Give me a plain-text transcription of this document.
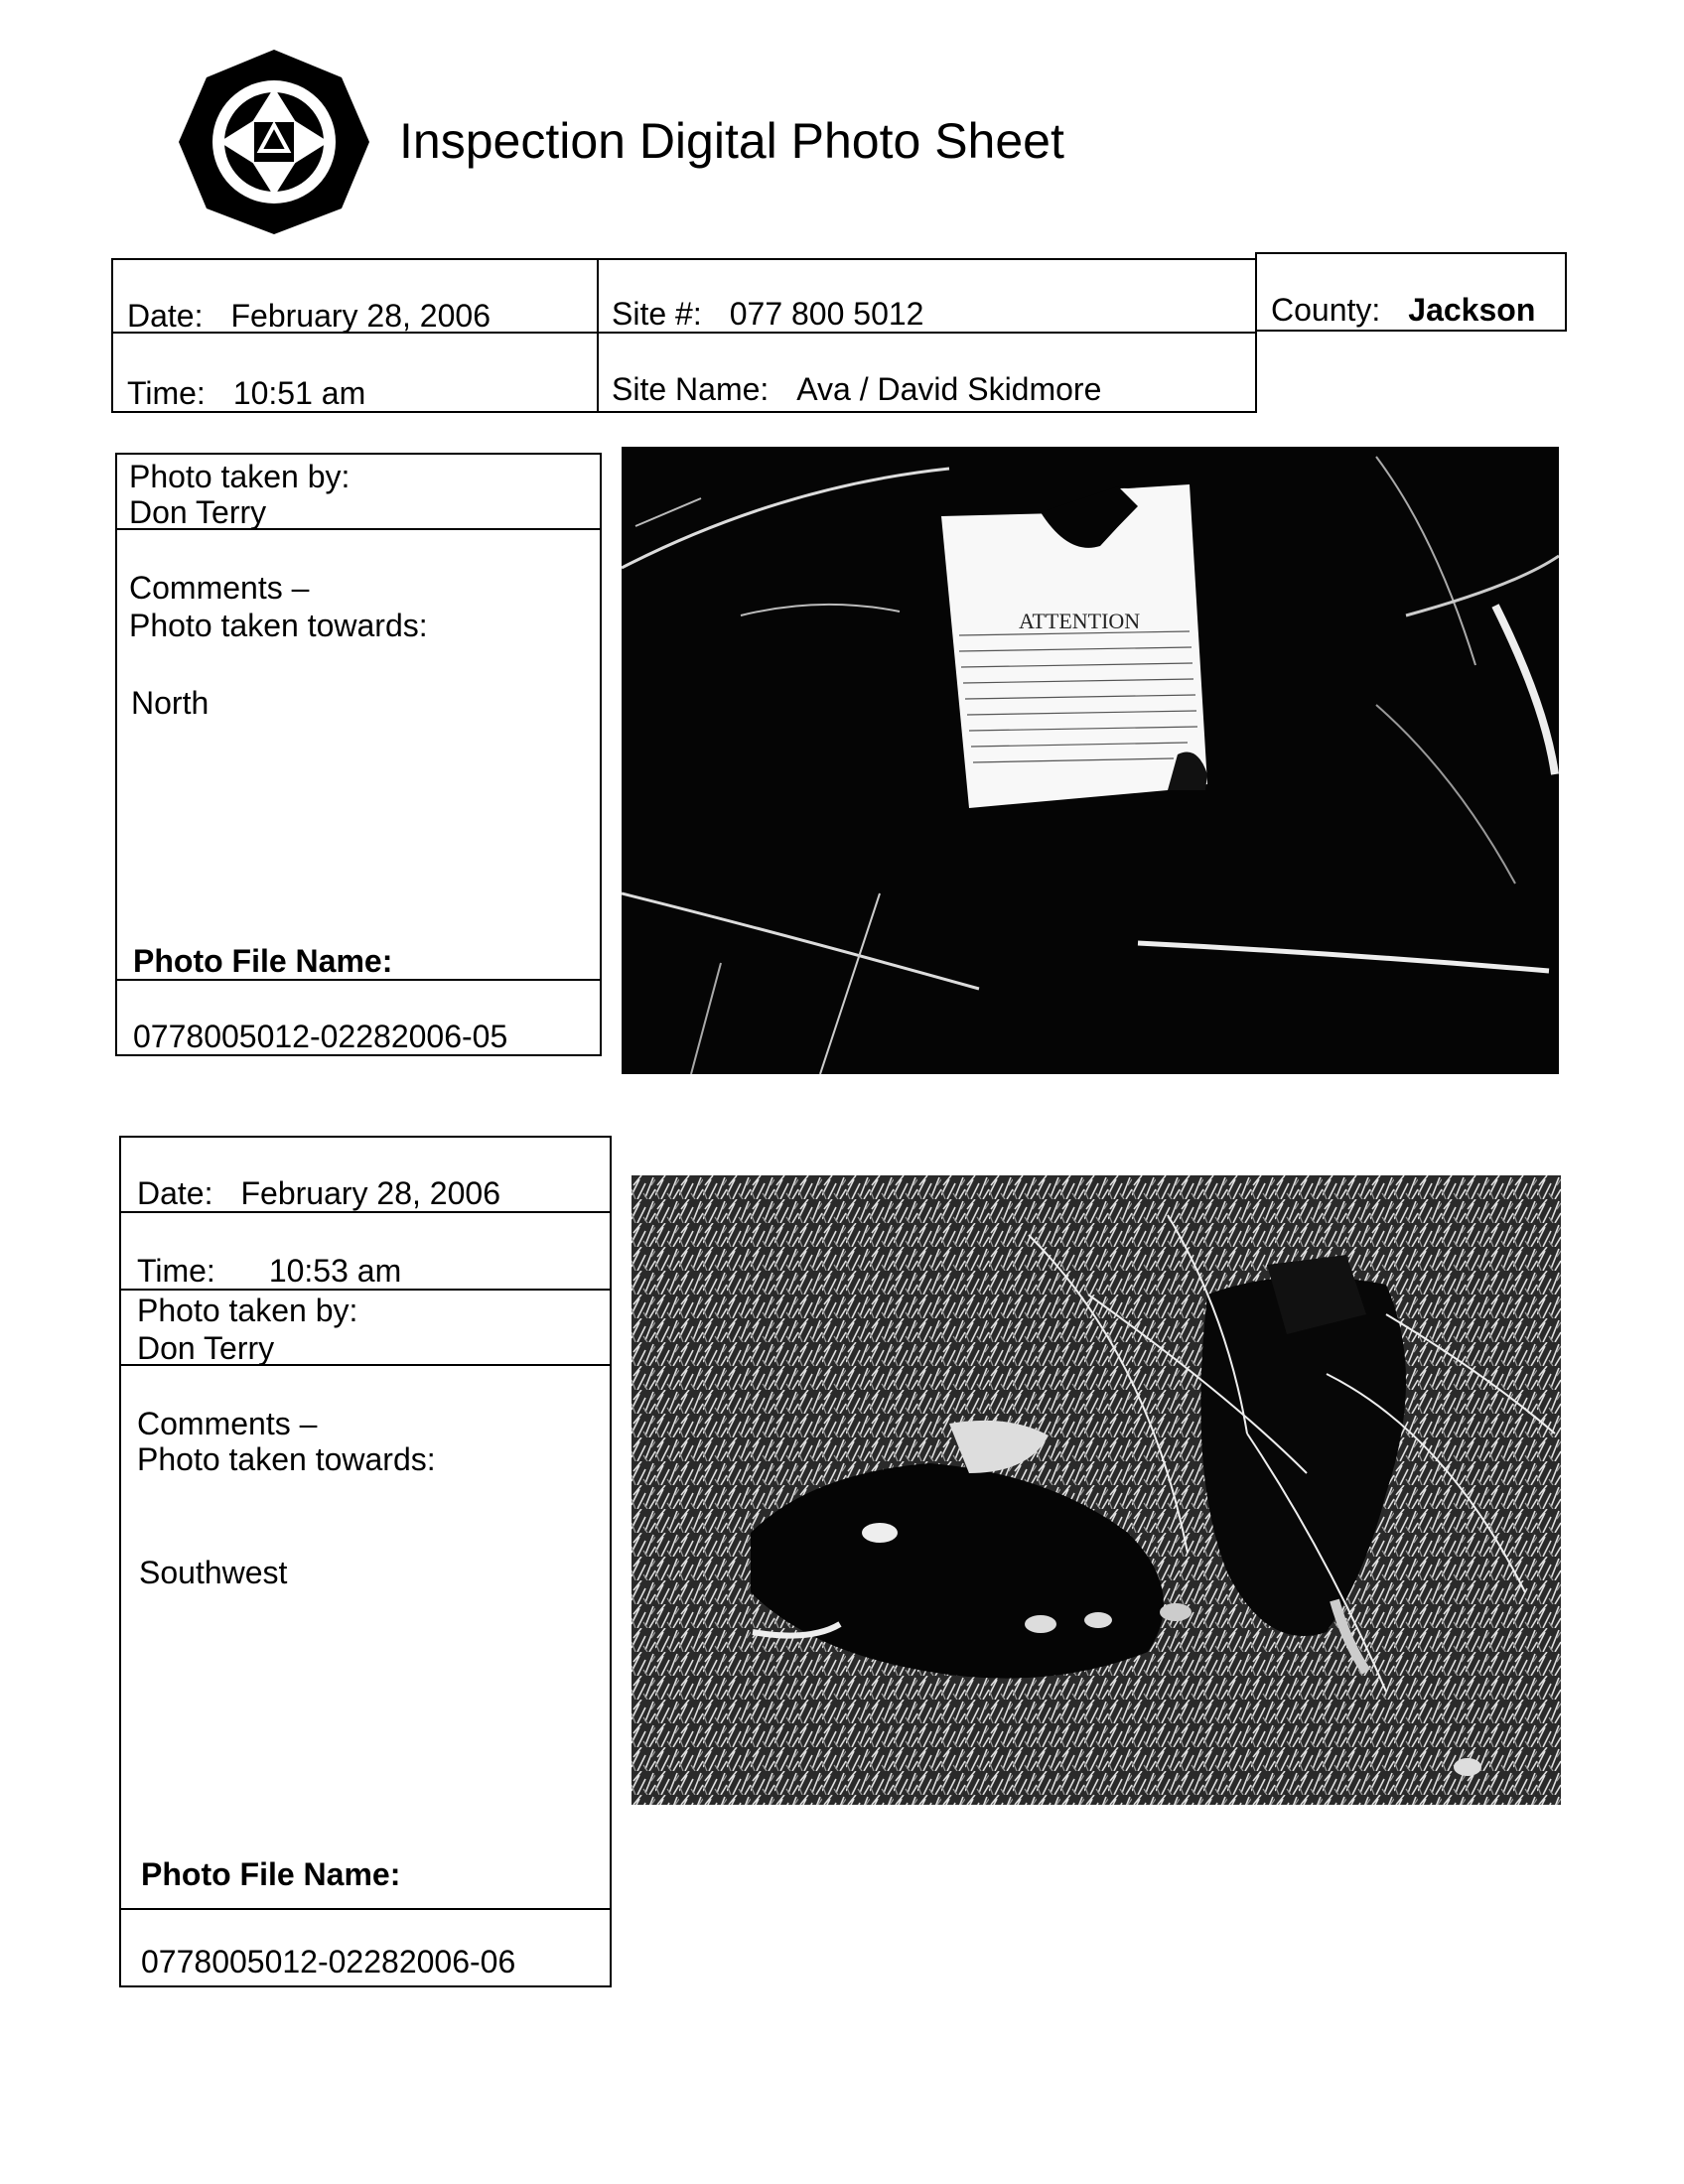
Inspection Digital Photo Sheet
Date: February 28, 2006	Site #: 077 800 5012	County: Jackson
Time: 10:51 am	Site Name: Ava / David Skidmore
Photo taken by:
Don Terry
Comments –
Photo taken towards:
North
Photo File Name:
0778005012-02282006-05
ATTENTION
Date: February 28, 2006
Time: 10:53 am
Photo taken by:
Don Terry
Comments –
Photo taken towards:
Southwest
Photo File Name:
0778005012-02282006-06
